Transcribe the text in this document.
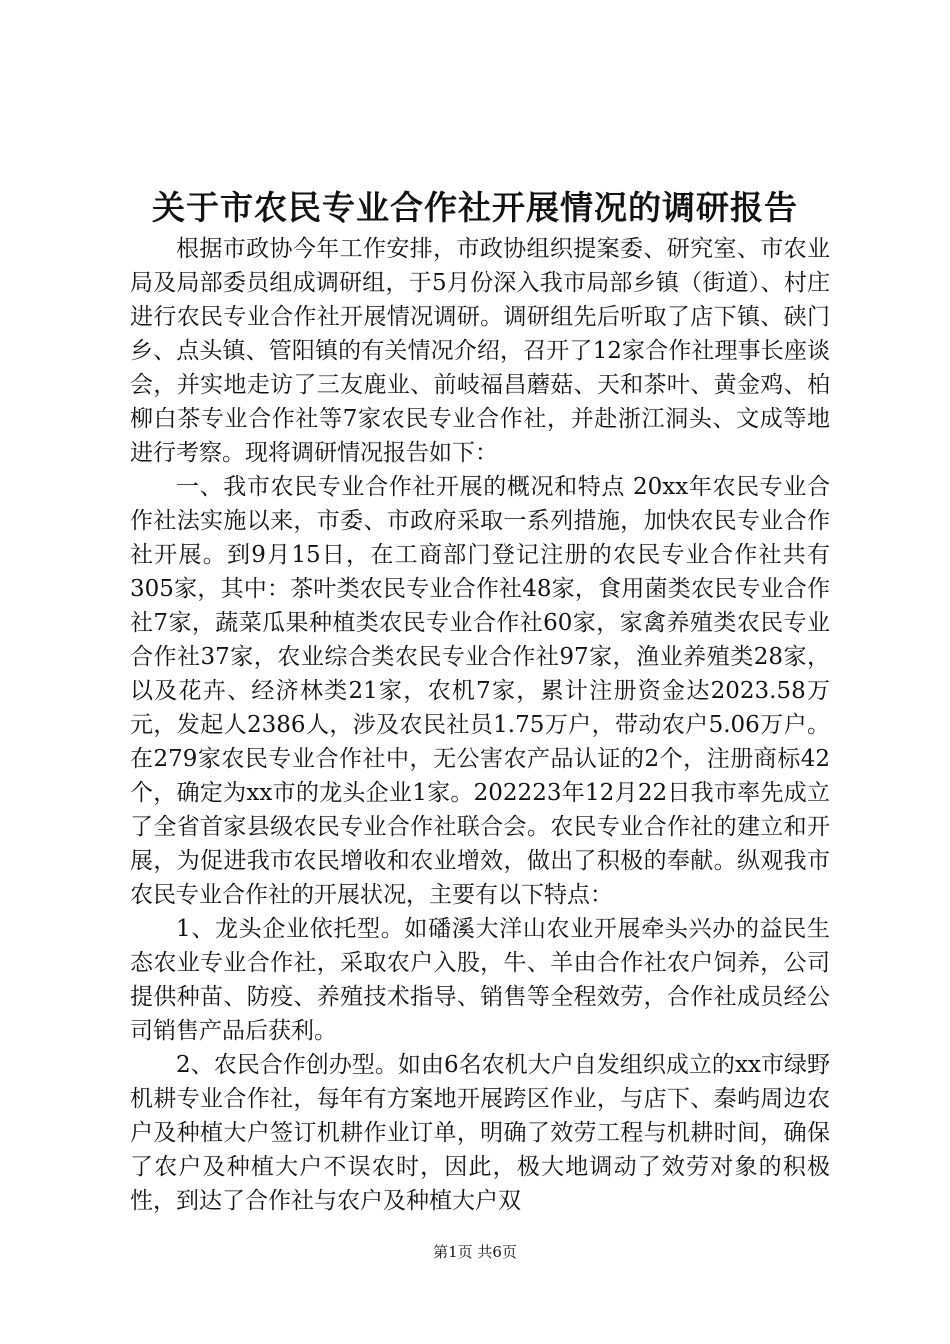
关于市农民专业合作社开展情况的调研报告

根据市政协今年工作安排，市政协组织提案委、研究室、市农业局及局部委员组成调研组，于5月份深入我市局部乡镇（街道）、村庄进行农民专业合作社开展情况调研。调研组先后听取了店下镇、硖门乡、点头镇、管阳镇的有关情况介绍，召开了12家合作社理事长座谈会，并实地走访了三友鹿业、前岐福昌蘑菇、天和茶叶、黄金鸡、柏柳白茶专业合作社等7家农民专业合作社，并赴浙江洞头、文成等地进行考察。现将调研情况报告如下：

一、我市农民专业合作社开展的概况和特点 20xx年农民专业合作社法实施以来，市委、市政府采取一系列措施，加快农民专业合作社开展。到9月15日，在工商部门登记注册的农民专业合作社共有305家，其中：茶叶类农民专业合作社48家，食用菌类农民专业合作社7家，蔬菜瓜果种植类农民专业合作社60家，家禽养殖类农民专业合作社37家，农业综合类农民专业合作社97家，渔业养殖类28家，以及花卉、经济林类21家，农机7家，累计注册资金达2023.58万元，发起人2386人，涉及农民社员1.75万户，带动农户5.06万户。在279家农民专业合作社中，无公害农产品认证的2个，注册商标42个，确定为xx市的龙头企业1家。202223年12月22日我市率先成立了全省首家县级农民专业合作社联合会。农民专业合作社的建立和开展，为促进我市农民增收和农业增效，做出了积极的奉献。纵观我市农民专业合作社的开展状况，主要有以下特点：

1、龙头企业依托型。如磻溪大洋山农业开展牵头兴办的益民生态农业专业合作社，采取农户入股，牛、羊由合作社农户饲养，公司提供种苗、防疫、养殖技术指导、销售等全程效劳，合作社成员经公司销售产品后获利。

2、农民合作创办型。如由6名农机大户自发组织成立的xx市绿野机耕专业合作社，每年有方案地开展跨区作业，与店下、秦屿周边农户及种植大户签订机耕作业订单，明确了效劳工程与机耕时间，确保了农户及种植大户不误农时，因此，极大地调动了效劳对象的积极性，到达了合作社与农户及种植大户双

第1页 共6页
